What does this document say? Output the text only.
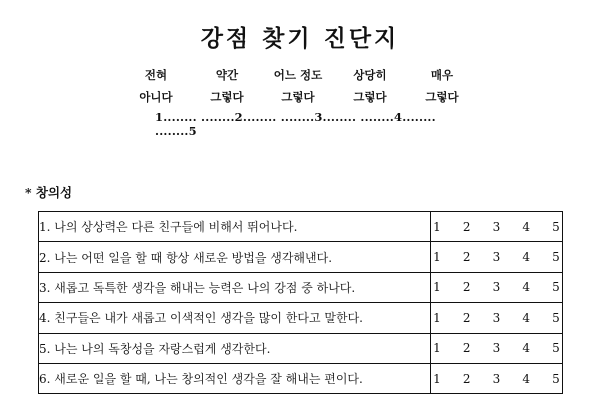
강점 찾기 진단지
전혀
아니다
약간
그렇다
어느 정도
그렇다
상당히
그렇다
매우
그렇다
1........ ........2........ ........3........ ........4........ ........5
* 창의성
1. 나의 상상력은 다른 친구들에 비해서 뛰어나다.	1 2 3 4 5

2. 나는 어떤 일을 할 때 항상 새로운 방법을 생각해낸다.	1 2 3 4 5

3. 새롭고 독특한 생각을 해내는 능력은 나의 강점 중 하나다.	1 2 3 4 5

4. 친구들은 내가 새롭고 이색적인 생각을 많이 한다고 말한다.	1 2 3 4 5

5. 나는 나의 독창성을 자랑스럽게 생각한다.	1 2 3 4 5

6. 새로운 일을 할 때, 나는 창의적인 생각을 잘 해내는 편이다.	1 2 3 4 5
